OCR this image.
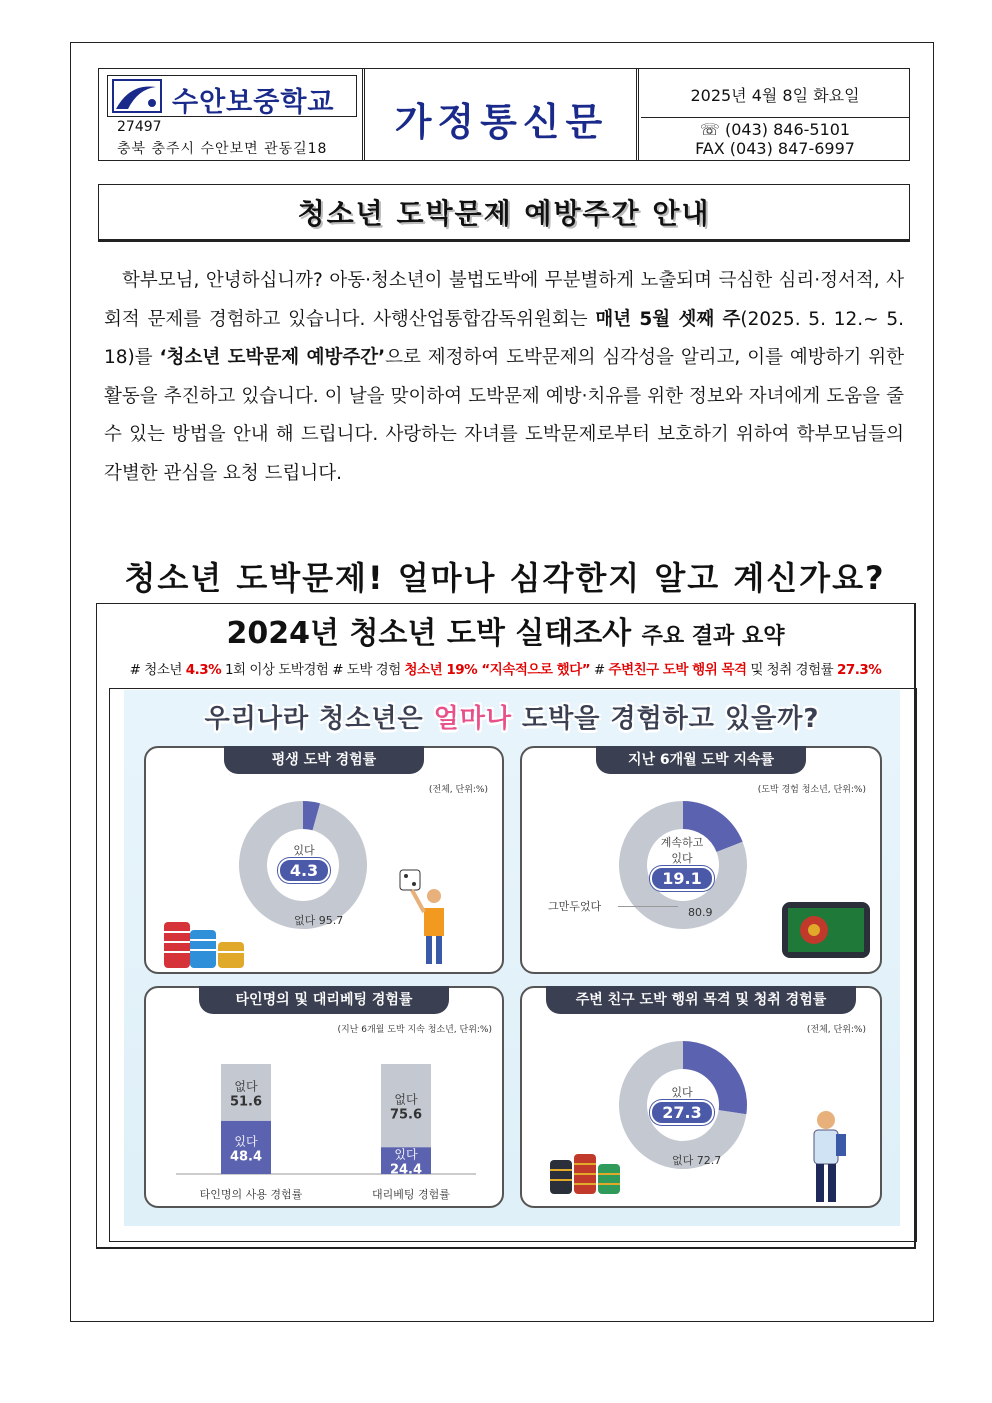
수안보중학교
27497
충북 충주시 수안보면 관동길18
가정통신문
2025년 4월 8일 화요일
☏ (043) 846-5101
FAX (043) 847-6997
청소년 도박문제 예방주간 안내

학부모님, 안녕하십니까? 아동·청소년이 불법도박에 무분별하게 노출되며 극심한 심리·정서적, 사회적 문제를 경험하고 있습니다. 사행산업통합감독위원회는 매년 5월 셋째 주(2025. 5. 12.~ 5. 18)를 ‘청소년 도박문제 예방주간’으로 제정하여 도박문제의 심각성을 알리고, 이를 예방하기 위한 활동을 추진하고 있습니다. 이 날을 맞이하여 도박문제 예방·치유를 위한 정보와 자녀에게 도움을 줄 수 있는 방법을 안내 해 드립니다. 사랑하는 자녀를 도박문제로부터 보호하기 위하여 학부모님들의 각별한 관심을 요청 드립니다.

청소년 도박문제! 얼마나 심각한지 알고 계신가요?
2024년 청소년 도박 실태조사 주요 결과 요약
# 청소년 4.3% 1회 이상 도박경험 # 도박 경험 청소년 19% “지속적으로 했다” # 주변친구 도박 행위 목격 및 청취 경험률 27.3%
우리나라 청소년은 얼마나 도박을 경험하고 있을까?
평생 도박 경험률
(전체, 단위:%)
있다
4.3
없다 95.7
지난 6개월 도박 지속률
(도박 경험 청소년, 단위:%)
계속하고 있다
19.1
그만두었다	80.9
타인명의 및 대리베팅 경험률
(지난 6개월 도박 지속 청소년, 단위:%)
있다
48.4
없다
51.6
있다
24.4
없다
75.6
타인명의 사용 경험률	대리베팅 경험률
주변 친구 도박 행위 목격 및 청취 경험률
(전체, 단위:%)
있다
27.3
없다 72.7
